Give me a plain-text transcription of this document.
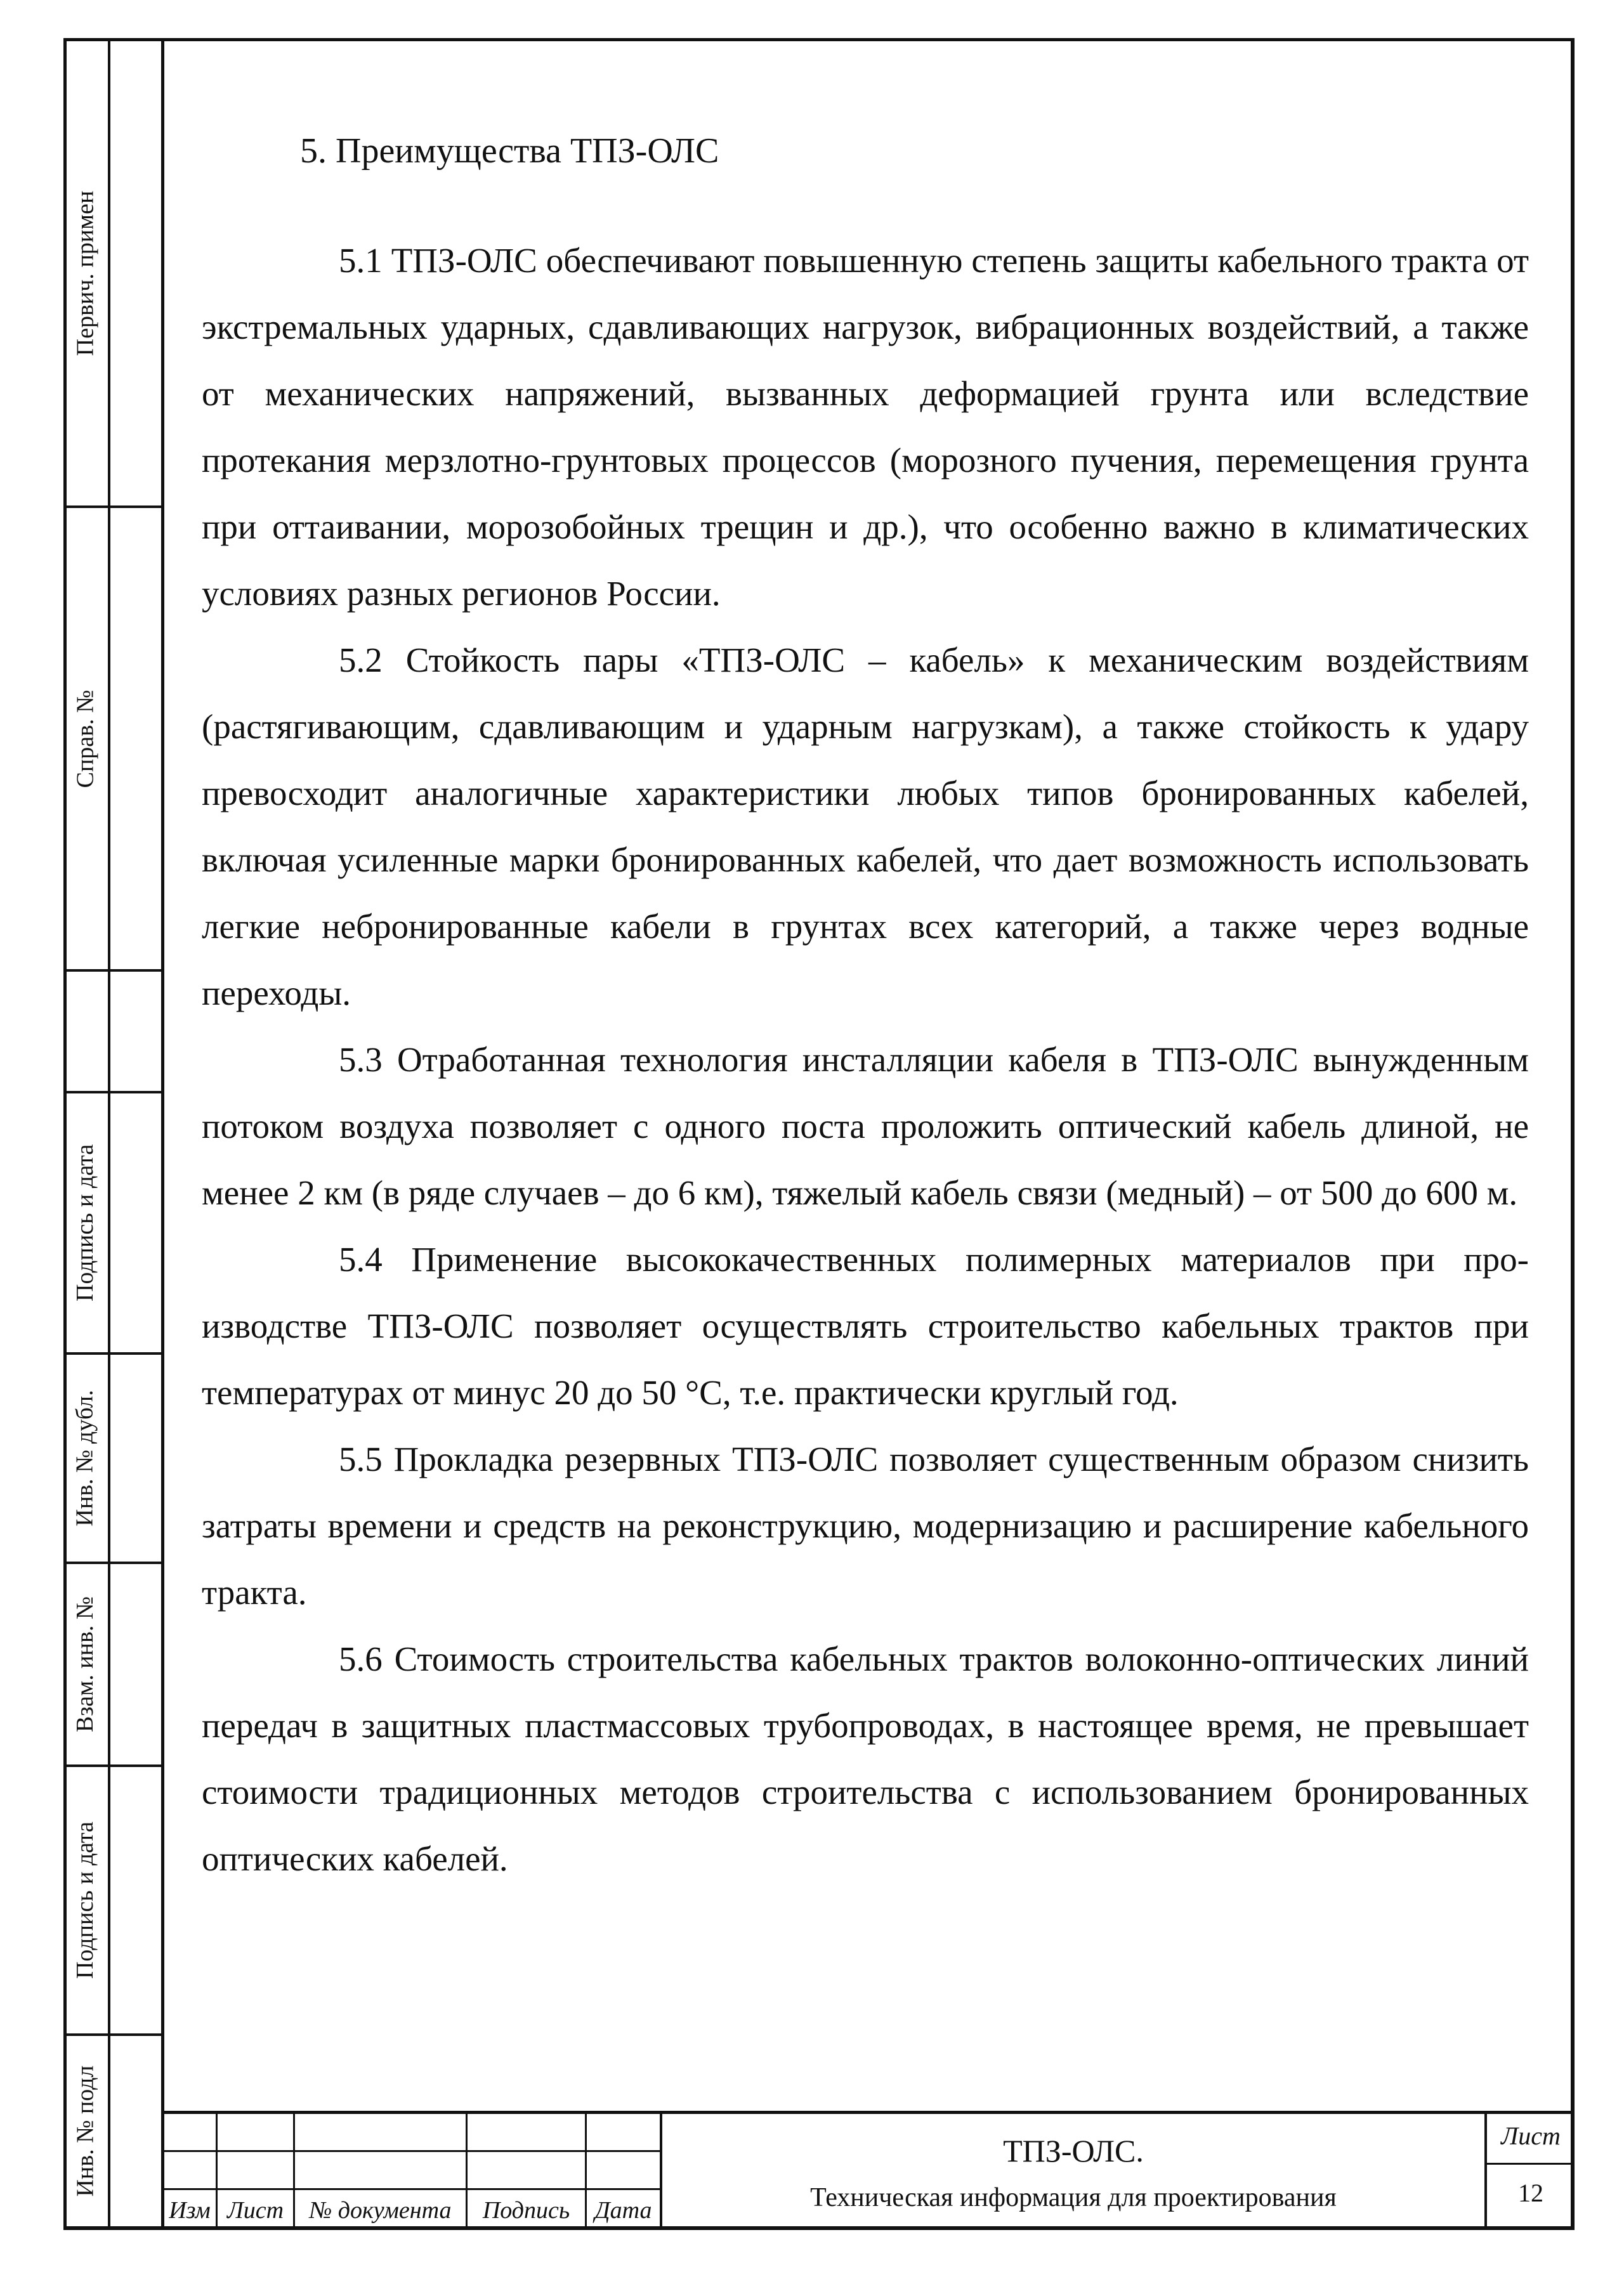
Первич. примен
Справ. №
Подпись и дата
Инв. № дубл.
Взам. инв. №
Подпись и дата
Инв. № подл
5. Преимущества ТПЗ-ОЛС

5.1 ТПЗ-ОЛС обеспечивают повышенную степень защиты кабельного тракта от экстремальных ударных, сдавливающих нагрузок, вибрационных воздействий, а также от механических напряжений, вызванных деформацией грунта или вследствие протекания мерзлотно-грунтовых процессов (морозного пучения, перемещения грунта при оттаивании, морозобойных трещин и др.), что особенно важно в климатических условиях разных регионов России.

5.2 Стойкость пары «ТПЗ-ОЛС – кабель» к механическим воздействиям (растягивающим, сдавливающим и ударным нагрузкам), а также стойкость к удару превосходит аналогичные характеристики любых типов бронированных кабелей, включая усиленные марки бронированных кабелей, что дает возможность использовать легкие небронированные кабели в грунтах всех категорий, а также через водные переходы.

5.3 Отработанная технология инсталляции кабеля в ТПЗ-ОЛС вынужденным потоком воздуха позволяет с одного поста проложить оптический кабель длиной, не менее 2 км (в ряде случаев – до 6 км), тяжелый кабель связи (медный) – от 500 до 600 м.

5.4 Применение высококачественных полимерных материалов при производстве ТПЗ-ОЛС позволяет осуществлять строительство кабельных трактов при температурах от минус 20 до 50 °С, т.е. практически круглый год.

5.5 Прокладка резервных ТПЗ-ОЛС позволяет существенным образом снизить затраты времени и средств на реконструкцию, модернизацию и расширение кабельного тракта.

5.6 Стоимость строительства кабельных трактов волоконно-оптических линий передач в защитных пластмассовых трубопроводах, в настоящее время, не превышает стоимости традиционных методов строительства с использованием бронированных оптических кабелей.

Изм Лист	№ документа	Подпись	Дата
ТПЗ-ОЛС.
Техническая информация для проектирования
Лист
12
